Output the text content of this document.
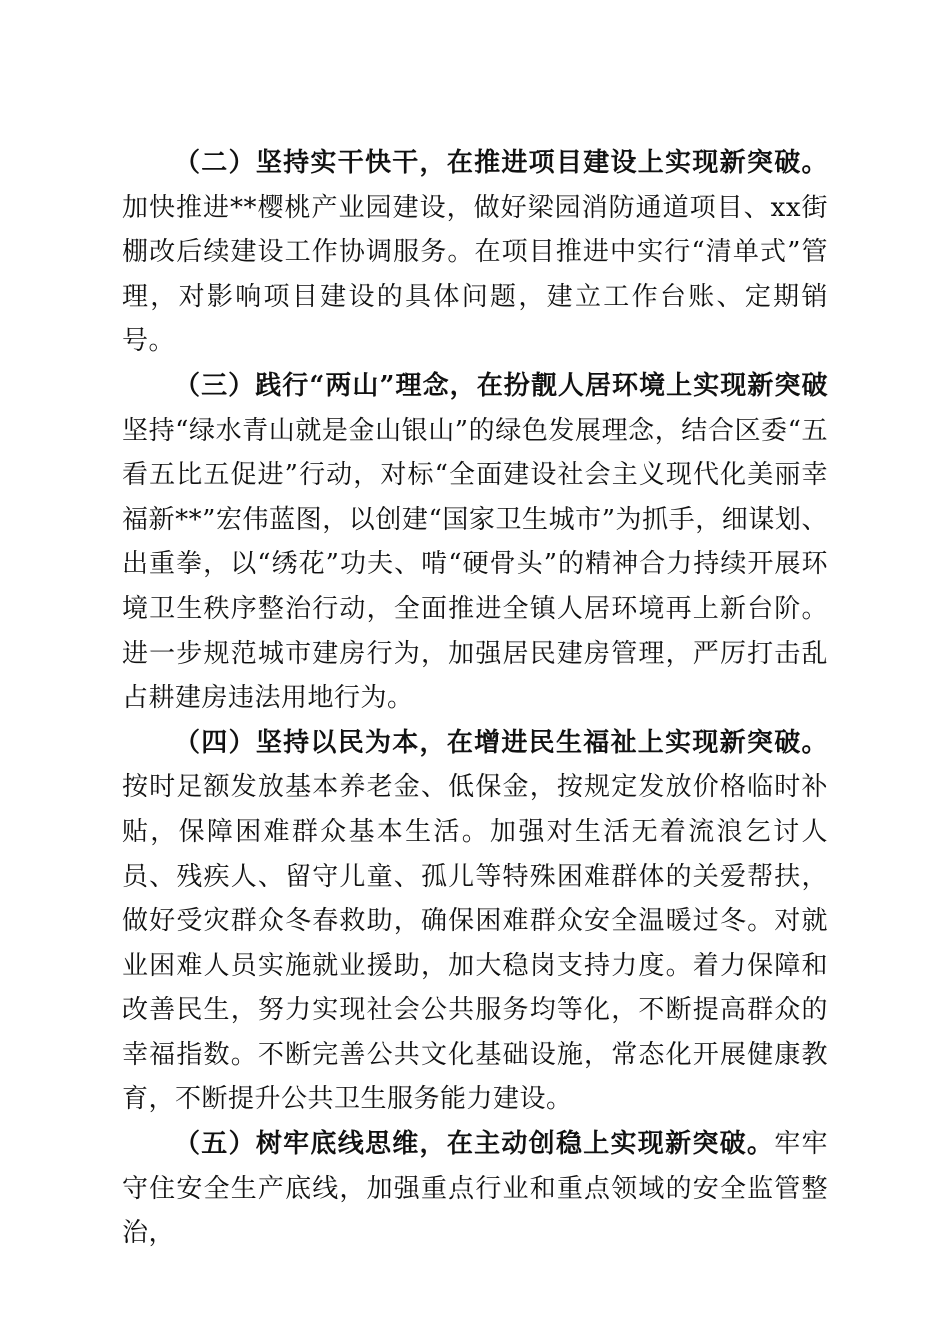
（二）坚持实干快干，在推进项目建设上实现新突破。加快推进**樱桃产业园建设，做好梁园消防通道项目、xx街棚改后续建设工作协调服务。在项目推进中实行“清单式”管理，对影响项目建设的具体问题，建立工作台账、定期销号。

（三）践行“两山”理念，在扮靓人居环境上实现新突破坚持“绿水青山就是金山银山”的绿色发展理念，结合区委“五看五比五促进”行动，对标“全面建设社会主义现代化美丽幸福新**”宏伟蓝图，以创建“国家卫生城市”为抓手，细谋划、出重拳，以“绣花”功夫、啃“硬骨头”的精神合力持续开展环境卫生秩序整治行动，全面推进全镇人居环境再上新台阶。进一步规范城市建房行为，加强居民建房管理，严厉打击乱占耕建房违法用地行为。

（四）坚持以民为本，在增进民生福祉上实现新突破。按时足额发放基本养老金、低保金，按规定发放价格临时补贴，保障困难群众基本生活。加强对生活无着流浪乞讨人员、残疾人、留守儿童、孤儿等特殊困难群体的关爱帮扶，做好受灾群众冬春救助，确保困难群众安全温暖过冬。对就业困难人员实施就业援助，加大稳岗支持力度。着力保障和改善民生，努力实现社会公共服务均等化，不断提高群众的幸福指数。不断完善公共文化基础设施，常态化开展健康教育，不断提升公共卫生服务能力建设。

（五）树牢底线思维，在主动创稳上实现新突破。牢牢守住安全生产底线，加强重点行业和重点领域的安全监管整治，
